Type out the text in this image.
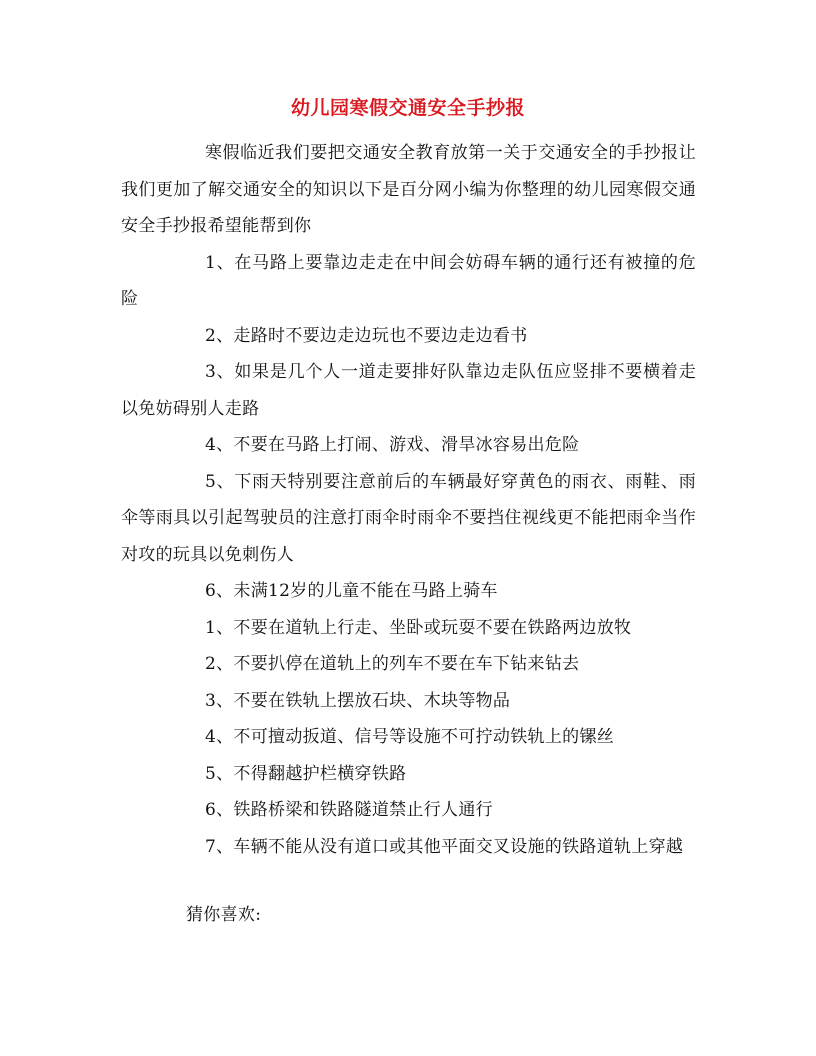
幼儿园寒假交通安全手抄报

寒假临近我们要把交通安全教育放第一关于交通安全的手抄报让我们更加了解交通安全的知识以下是百分网小编为你整理的幼儿园寒假交通安全手抄报希望能帮到你

1、在马路上要靠边走走在中间会妨碍车辆的通行还有被撞的危险

2、走路时不要边走边玩也不要边走边看书

3、如果是几个人一道走要排好队靠边走队伍应竖排不要横着走以免妨碍别人走路

4、不要在马路上打闹、游戏、滑旱冰容易出危险

5、下雨天特别要注意前后的车辆最好穿黄色的雨衣、雨鞋、雨伞等雨具以引起驾驶员的注意打雨伞时雨伞不要挡住视线更不能把雨伞当作对攻的玩具以免刺伤人

6、未满12岁的儿童不能在马路上骑车

1、不要在道轨上行走、坐卧或玩耍不要在铁路两边放牧

2、不要扒停在道轨上的列车不要在车下钻来钻去

3、不要在铁轨上摆放石块、木块等物品

4、不可擅动扳道、信号等设施不可拧动铁轨上的镙丝

5、不得翻越护栏横穿铁路

6、铁路桥梁和铁路隧道禁止行人通行

7、车辆不能从没有道口或其他平面交叉设施的铁路道轨上穿越

猜你喜欢:
